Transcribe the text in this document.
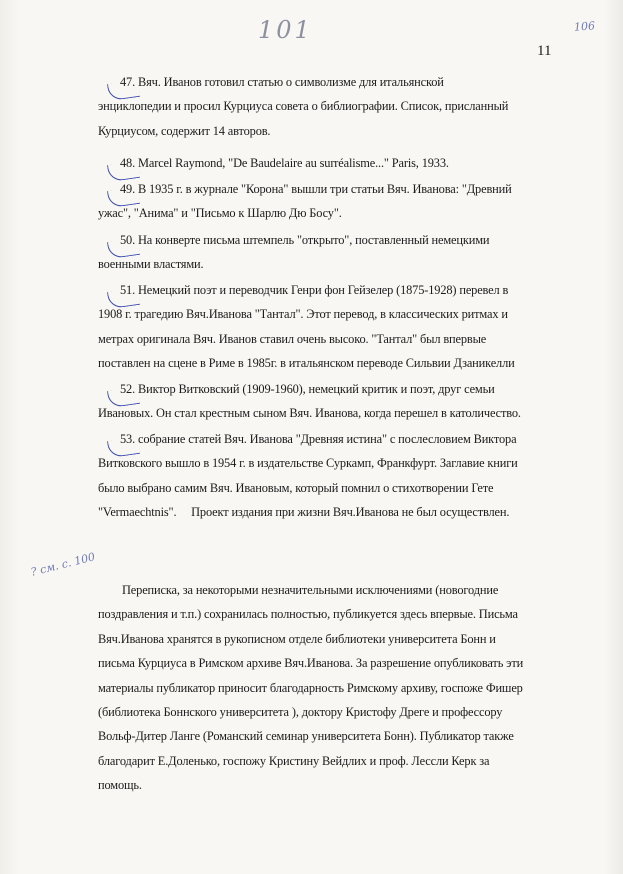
101	106
11
? см. с. 100
47. Вяч. Иванов готовил статью о символизме для итальянской
энциклопедии и просил Курциуса совета о библиографии. Список, присланный
Курциусом, содержит 14 авторов.
48. Marcel Raymond, "De Baudelaire au surréalisme..." Paris, 1933.
49. В 1935 г. в журнале "Корона" вышли три статьи Вяч. Иванова: "Древний
ужас", "Анима" и "Письмо к Шарлю Дю Босу".
50. На конверте письма штемпель "открыто", поставленный немецкими
военными властями.
51. Немецкий поэт и переводчик Генри фон Гейзелер (1875-1928) перевел в
1908 г. трагедию Вяч.Иванова "Тантал". Этот перевод, в классических ритмах и
метрах оригинала Вяч. Иванов ставил очень высоко. "Тантал" был впервые
поставлен на сцене в Риме в 1985г. в итальянском переводе Сильвии Дзаникелли
52. Виктор Витковский (1909-1960), немецкий критик и поэт, друг семьи
Ивановых. Он стал крестным сыном Вяч. Иванова, когда перешел в католичество.
53. собрание статей Вяч. Иванова "Древняя истина" с послесловием Виктора
Витковского вышло в 1954 г. в издательстве Суркамп, Франкфурт. Заглавие книги
было выбрано самим Вяч. Ивановым, который помнил о стихотворении Гете
"Vermaechtnis".     Проект издания при жизни Вяч.Иванова не был осуществлен.
Переписка, за некоторыми незначительными исключениями (новогодние
поздравления и т.п.) сохранилась полностью, публикуется здесь впервые. Письма
Вяч.Иванова хранятся в рукописном отделе библиотеки университета Бонн и
письма Курциуса в Римском архиве Вяч.Иванова. За разрешение опубликовать эти
материалы публикатор приносит благодарность Римскому архиву, госпоже Фишер
(библиотека Боннского университета ), доктору Кристофу Дреге и профессору
Вольф-Дитер Ланге (Романский семинар университета Бонн). Публикатор также
благодарит Е.Доленько, госпожу Кристину Вейдлих и проф. Лесcли Керк за
помощь.
